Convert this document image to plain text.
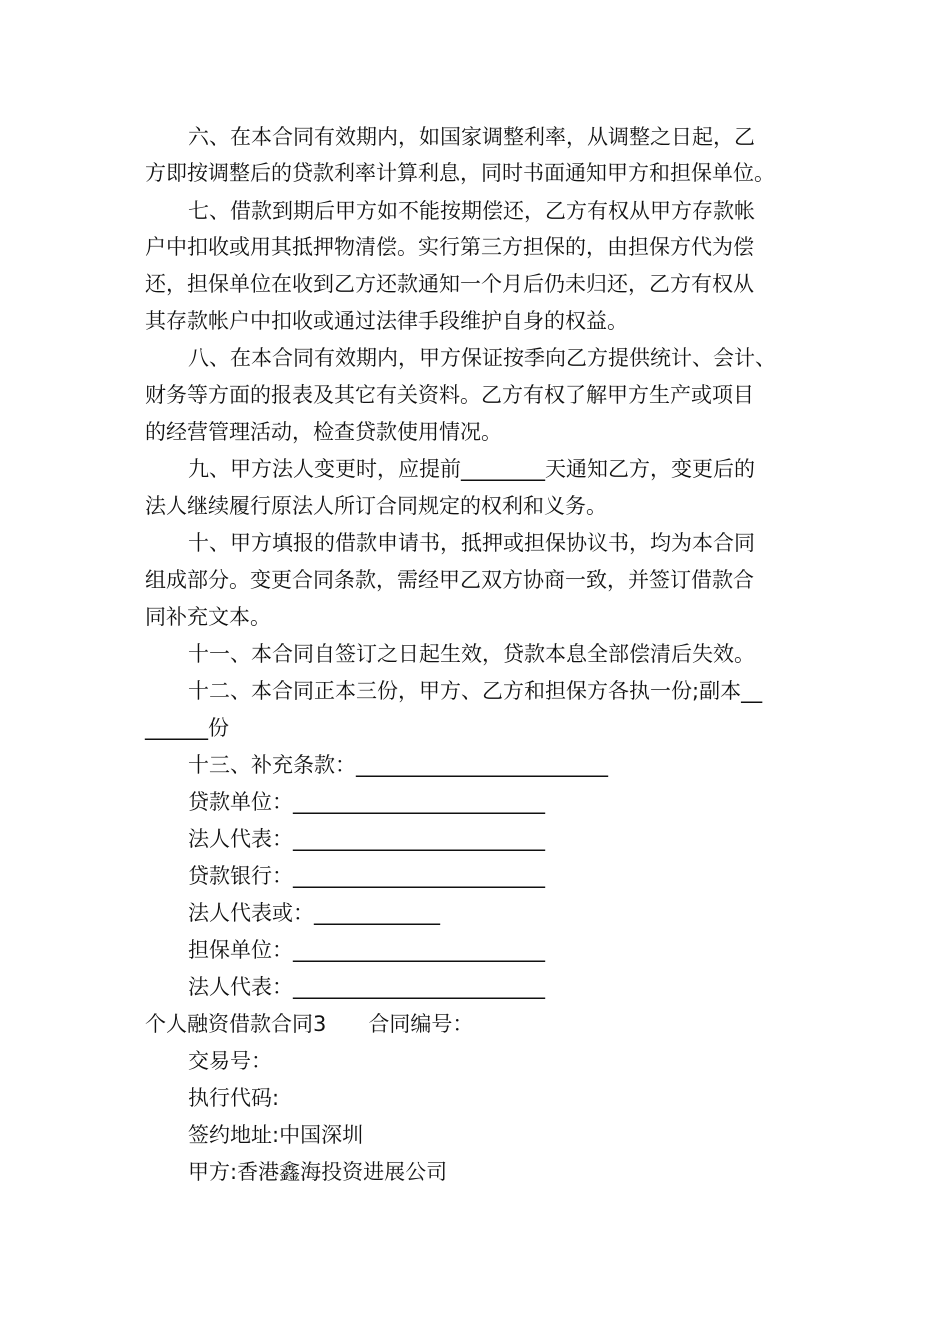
六、在本合同有效期内，如国家调整利率，从调整之日起，乙
方即按调整后的贷款利率计算利息，同时书面通知甲方和担保单位。
七、借款到期后甲方如不能按期偿还，乙方有权从甲方存款帐
户中扣收或用其抵押物清偿。实行第三方担保的，由担保方代为偿
还，担保单位在收到乙方还款通知一个月后仍未归还，乙方有权从
其存款帐户中扣收或通过法律手段维护自身的权益。
八、在本合同有效期内，甲方保证按季向乙方提供统计、会计、
财务等方面的报表及其它有关资料。乙方有权了解甲方生产或项目
的经营管理活动，检查贷款使用情况。
九、甲方法人变更时，应提前________天通知乙方，变更后的
法人继续履行原法人所订合同规定的权利和义务。
十、甲方填报的借款申请书，抵押或担保协议书，均为本合同
组成部分。变更合同条款，需经甲乙双方协商一致，并签订借款合
同补充文本。
十一、本合同自签订之日起生效，贷款本息全部偿清后失效。
十二、本合同正本三份，甲方、乙方和担保方各执一份;副本__
______份
十三、补充条款：________________________
贷款单位：________________________
法人代表：________________________
贷款银行：________________________
法人代表或：____________
担保单位：________________________
法人代表：________________________
个人融资借款合同3　　合同编号：
交易号：
执行代码:
签约地址:中国深圳
甲方:香港鑫海投资进展公司
